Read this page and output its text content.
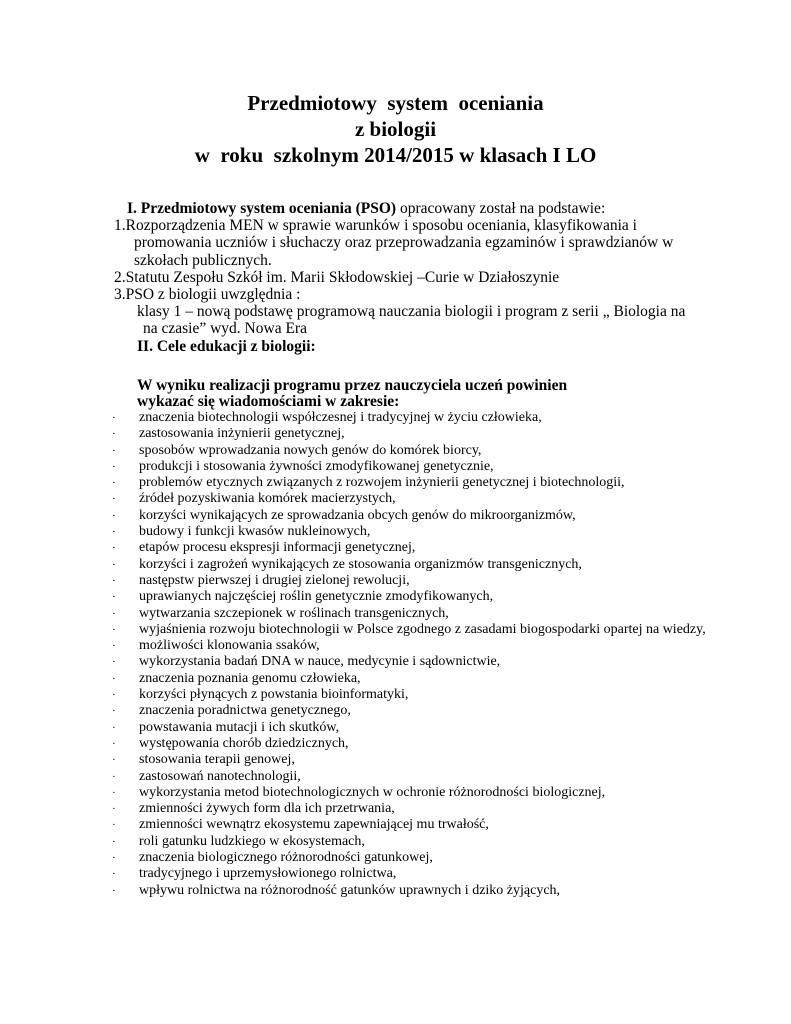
Przedmiotowy  system  oceniania
z biologii
w  roku  szkolnym 2014/2015 w klasach I LO
I. Przedmiotowy system oceniania (PSO) opracowany został na podstawie:
1.Rozporządzenia MEN w sprawie warunków i sposobu oceniania, klasyfikowania i
promowania uczniów i słuchaczy oraz przeprowadzania egzaminów i sprawdzianów w
szkołach publicznych.
2.Statutu Zespołu Szkół im. Marii Skłodowskiej –Curie w Działoszynie
3.PSO z biologii uwzględnia :
klasy 1 – nową podstawę programową nauczania biologii i program z serii „ Biologia na
na czasie” wyd. Nowa Era
II. Cele edukacji z biologii:
W wyniku realizacji programu przez nauczyciela uczeń powinien
wykazać się wiadomościami w zakresie:
· znaczenia biotechnologii współczesnej i tradycyjnej w życiu człowieka,
· zastosowania inżynierii genetycznej,
· sposobów wprowadzania nowych genów do komórek biorcy,
· produkcji i stosowania żywności zmodyfikowanej genetycznie,
· problemów etycznych związanych z rozwojem inżynierii genetycznej i biotechnologii,
· źródeł pozyskiwania komórek macierzystych,
· korzyści wynikających ze sprowadzania obcych genów do mikroorganizmów,
· budowy i funkcji kwasów nukleinowych,
· etapów procesu ekspresji informacji genetycznej,
· korzyści i zagrożeń wynikających ze stosowania organizmów transgenicznych,
· następstw pierwszej i drugiej zielonej rewolucji,
· uprawianych najczęściej roślin genetycznie zmodyfikowanych,
· wytwarzania szczepionek w roślinach transgenicznych,
· wyjaśnienia rozwoju biotechnologii w Polsce zgodnego z zasadami biogospodarki opartej na wiedzy,
· możliwości klonowania ssaków,
· wykorzystania badań DNA w nauce, medycynie i sądownictwie,
· znaczenia poznania genomu człowieka,
· korzyści płynących z powstania bioinformatyki,
· znaczenia poradnictwa genetycznego,
· powstawania mutacji i ich skutków,
· występowania chorób dziedzicznych,
· stosowania terapii genowej,
· zastosowań nanotechnologii,
· wykorzystania metod biotechnologicznych w ochronie różnorodności biologicznej,
· zmienności żywych form dla ich przetrwania,
· zmienności wewnątrz ekosystemu zapewniającej mu trwałość,
· roli gatunku ludzkiego w ekosystemach,
· znaczenia biologicznego różnorodności gatunkowej,
· tradycyjnego i uprzemysłowionego rolnictwa,
· wpływu rolnictwa na różnorodność gatunków uprawnych i dziko żyjących,
